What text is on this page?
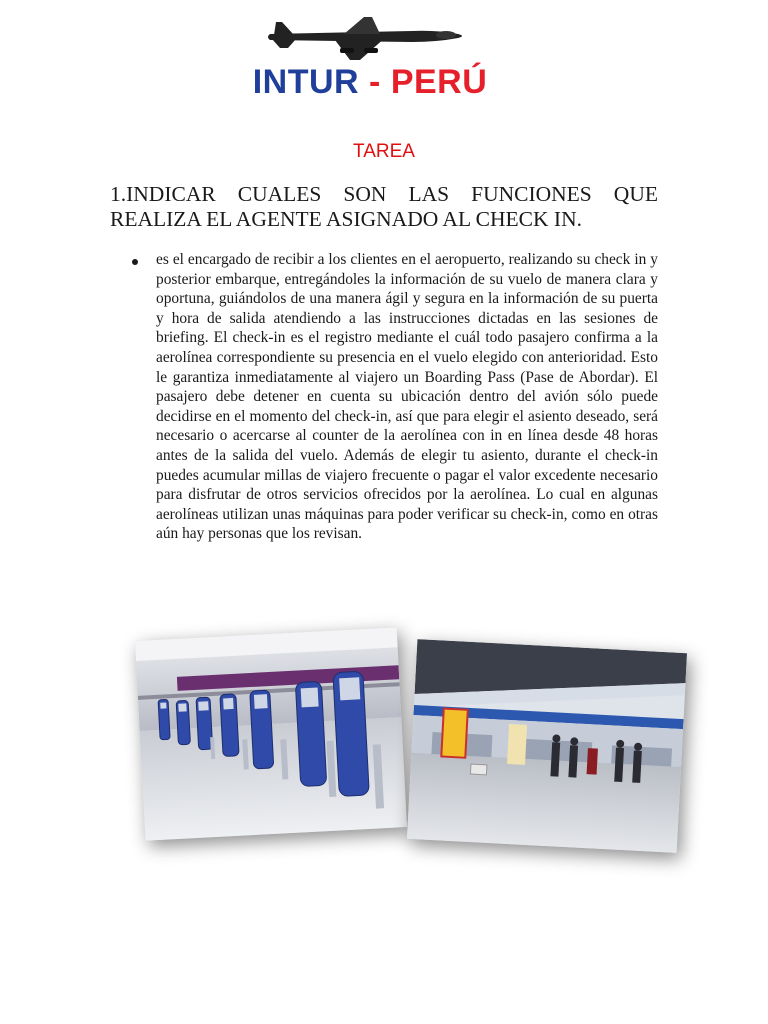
INTUR - PERÚ
TAREA
1.INDICAR CUALES SON LAS FUNCIONES QUE

REALIZA EL AGENTE ASIGNADO AL CHECK IN.
es el encargado de recibir a los clientes en el aeropuerto, realizando su check in y posterior embarque, entregándoles la información de su vuelo de manera clara y oportuna, guiándolos de una manera ágil y segura en la información de su puerta y hora de salida atendiendo a las instrucciones dictadas en las sesiones de briefing. El check-in es el registro mediante el cuál todo pasajero confirma a la aerolínea correspondiente su presencia en el vuelo elegido con anterioridad. Esto le garantiza inmediatamente al viajero un Boarding Pass (Pase de Abordar). El pasajero debe detener en cuenta su ubicación dentro del avión sólo puede decidirse en el momento del check-in, así que para elegir el asiento deseado, será necesario o acercarse al counter de la aerolínea con in en línea desde 48 horas antes de la salida del vuelo. Además de elegir tu asiento, durante el check-in puedes acumular millas de viajero frecuente o pagar el valor excedente necesario para disfrutar de otros servicios ofrecidos por la aerolínea. Lo cual en algunas aerolíneas utilizan unas máquinas para poder verificar su check-in, como en otras aún hay personas que los revisan.
